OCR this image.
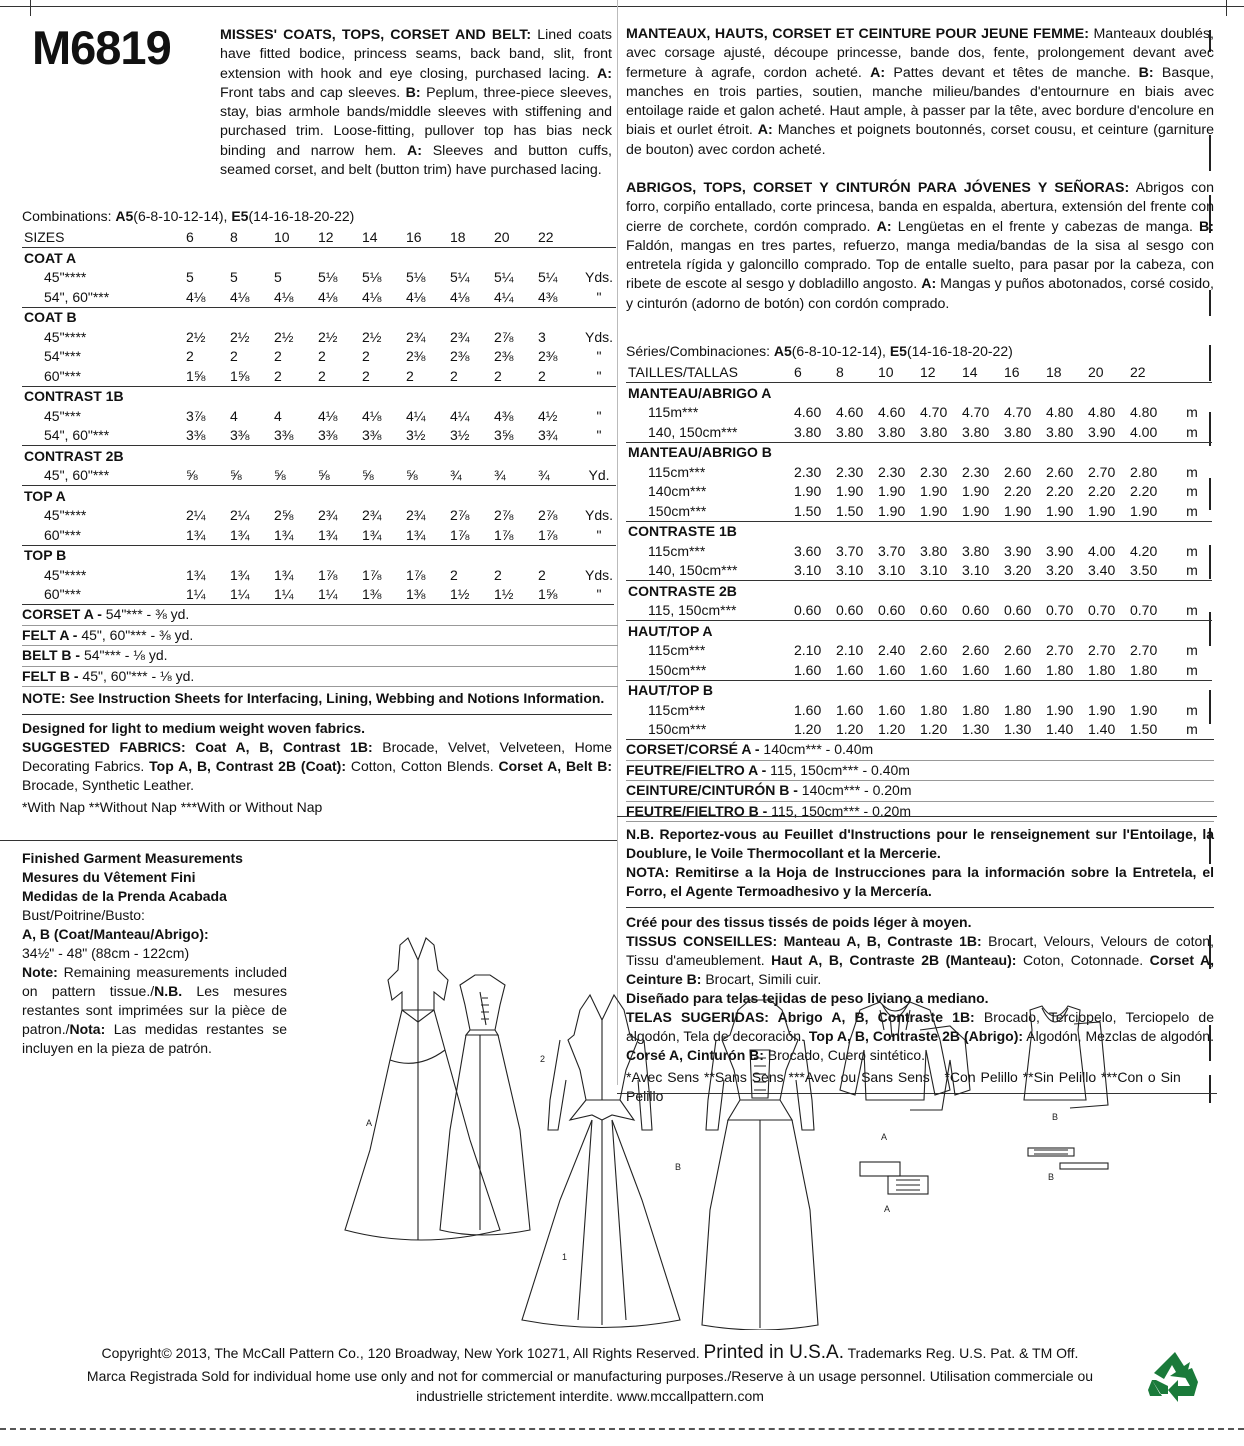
M6819	MISSES' COATS, TOPS, CORSET AND BELT: Lined coats have fitted bodice, princess seams, back band, slit, front extension with hook and eye closing, purchased lacing. A: Front tabs and cap sleeves. B: Peplum, three-piece sleeves, stay, bias armhole bands/middle sleeves with stiffening and purchased trim. Loose-fitting, pullover top has bias neck binding and narrow hem. A: Sleeves and button cuffs, seamed corset, and belt (button trim) have purchased lacing.

Combinations: A5(6-8-10-12-14), E5(14-16-18-20-22)

SIZES	6	8	10	12	14	16	18	20	22	
COAT A										
45"****	5	5	5	5⅛	5⅛	5⅛	5¼	5¼	5¼	Yds.
54", 60"***	4⅛	4⅛	4⅛	4⅛	4⅛	4⅛	4⅛	4¼	4⅜	"
COAT B										
45"****	2½	2½	2½	2½	2½	2¾	2¾	2⅞	3	Yds.
54"***	2	2	2	2	2	2⅜	2⅜	2⅜	2⅜	"
60"***	1⅝	1⅝	2	2	2	2	2	2	2	"
CONTRAST 1B										
45"***	3⅞	4	4	4⅛	4⅛	4¼	4¼	4⅜	4½	"
54", 60"***	3⅜	3⅜	3⅜	3⅜	3⅜	3½	3½	3⅝	3¾	"
CONTRAST 2B										
45", 60"***	⅝	⅝	⅝	⅝	⅝	⅝	¾	¾	¾	Yd.
TOP A										
45"****	2¼	2¼	2⅝	2¾	2¾	2¾	2⅞	2⅞	2⅞	Yds.
60"***	1¾	1¾	1¾	1¾	1¾	1¾	1⅞	1⅞	1⅞	"
TOP B										
45"****	1¾	1¾	1¾	1⅞	1⅞	1⅞	2	2	2	Yds.
60"***	1¼	1¼	1¼	1¼	1⅜	1⅜	1½	1½	1⅝	"

CORSET A - 54"*** - ⅜ yd.

FELT A - 45", 60"*** - ⅜ yd.

BELT B - 54"*** - ⅛ yd.

FELT B - 45", 60"*** - ⅛ yd.

NOTE: See Instruction Sheets for Interfacing, Lining, Webbing and Notions Information.

Designed for light to medium weight woven fabrics.

SUGGESTED FABRICS: Coat A, B, Contrast 1B: Brocade, Velvet, Velveteen, Home Decorating Fabrics. Top A, B, Contrast 2B (Coat): Cotton, Cotton Blends. Corset A, Belt B: Brocade, Synthetic Leather.

*With Nap **Without Nap ***With or Without Nap

Finished Garment Measurements

Mesures du Vêtement Fini

Medidas de la Prenda Acabada

Bust/Poitrine/Busto:

A, B (Coat/Manteau/Abrigo):

34½" - 48" (88cm - 122cm)

Note: Remaining measurements included on pattern tissue./N.B. Les mesures restantes sont imprimées sur la pièce de patron./Nota: Las medidas restantes se incluyen en la pieza de patrón.

MANTEAUX, HAUTS, CORSET ET CEINTURE POUR JEUNE FEMME: Manteaux doublés, avec corsage ajusté, découpe princesse, bande dos, fente, prolongement devant avec fermeture à agrafe, cordon acheté. A: Pattes devant et têtes de manche. B: Basque, manches en trois parties, soutien, manche milieu/bandes d'entournure en biais avec entoilage raide et galon acheté. Haut ample, à passer par la tête, avec bordure d'encolure en biais et ourlet étroit. A: Manches et poignets boutonnés, corset cousu, et ceinture (garniture de bouton) avec cordon acheté.

ABRIGOS, TOPS, CORSET Y CINTURÓN PARA JÓVENES Y SEÑORAS: Abrigos con forro, corpiño entallado, corte princesa, banda en espalda, abertura, extensión del frente con cierre de corchete, cordón comprado. A: Lengüetas en el frente y cabezas de manga. B: Faldón, mangas en tres partes, refuerzo, manga media/bandas de la sisa al sesgo con entretela rígida y galoncillo comprado. Top de entalle suelto, para pasar por la cabeza, con ribete de escote al sesgo y dobladillo angosto. A: Mangas y puños abotonados, corsé cosido, y cinturón (adorno de botón) con cordón comprado.

Séries/Combinaciones: A5(6-8-10-12-14), E5(14-16-18-20-22)

TAILLES/TALLAS	6	8	10	12	14	16	18	20	22	
MANTEAU/ABRIGO A										
115m***	4.60	4.60	4.60	4.70	4.70	4.70	4.80	4.80	4.80	m
140, 150cm***	3.80	3.80	3.80	3.80	3.80	3.80	3.80	3.90	4.00	m
MANTEAU/ABRIGO B										
115cm***	2.30	2.30	2.30	2.30	2.30	2.60	2.60	2.70	2.80	m
140cm***	1.90	1.90	1.90	1.90	1.90	2.20	2.20	2.20	2.20	m
150cm***	1.50	1.50	1.90	1.90	1.90	1.90	1.90	1.90	1.90	m
CONTRASTE 1B										
115cm***	3.60	3.70	3.70	3.80	3.80	3.90	3.90	4.00	4.20	m
140, 150cm***	3.10	3.10	3.10	3.10	3.10	3.20	3.20	3.40	3.50	m
CONTRASTE 2B										
115, 150cm***	0.60	0.60	0.60	0.60	0.60	0.60	0.70	0.70	0.70	m
HAUT/TOP A										
115cm***	2.10	2.10	2.40	2.60	2.60	2.60	2.70	2.70	2.70	m
150cm***	1.60	1.60	1.60	1.60	1.60	1.60	1.80	1.80	1.80	m
HAUT/TOP B										
115cm***	1.60	1.60	1.60	1.80	1.80	1.80	1.90	1.90	1.90	m
150cm***	1.20	1.20	1.20	1.20	1.30	1.30	1.40	1.40	1.50	m

CORSET/CORSÉ A - 140cm*** - 0.40m

FEUTRE/FIELTRO A - 115, 150cm*** - 0.40m

CEINTURE/CINTURÓN B - 140cm*** - 0.20m

FEUTRE/FIELTRO B - 115, 150cm*** - 0.20m

N.B. Reportez-vous au Feuillet d'Instructions pour le renseignement sur l'Entoilage, la Doublure, le Voile Thermocollant et la Mercerie.

NOTA: Remitirse a la Hoja de Instrucciones para la información sobre la Entretela, el Forro, el Agente Termoadhesivo y la Mercería.

Créé pour des tissus tissés de poids léger à moyen.

TISSUS CONSEILLES: Manteau A, B, Contraste 1B: Brocart, Velours, Velours de coton, Tissu d'ameublement. Haut A, B, Contraste 2B (Manteau): Coton, Cotonnade. Corset A, Ceinture B: Brocart, Simili cuir.

Diseñado para telas tejidas de peso liviano a mediano.

TELAS SUGERIDAS: Abrigo A, B, Contraste 1B: Brocado, Terciopelo, Terciopelo de algodón, Tela de decoración. Top A, B, Contraste 2B (Abrigo): Algodón, Mezclas de algodón. Corsé A, Cinturón B: Brocado, Cuero sintético.

*Avec Sens **Sans Sens ***Avec ou Sans Sens *Con Pelillo **Sin Pelillo ***Con o Sin Pelillo

A
1
2
B
A
A
B
B
Copyright© 2013, The McCall Pattern Co., 120 Broadway, New York 10271, All Rights Reserved. Printed in U.S.A. Trademarks Reg. U.S. Pat. & TM Off.
Marca Registrada Sold for individual home use only and not for commercial or manufacturing purposes./Reserve à un usage personnel. Utilisation commerciale ou
industrielle strictement interdite. www.mccallpattern.com
